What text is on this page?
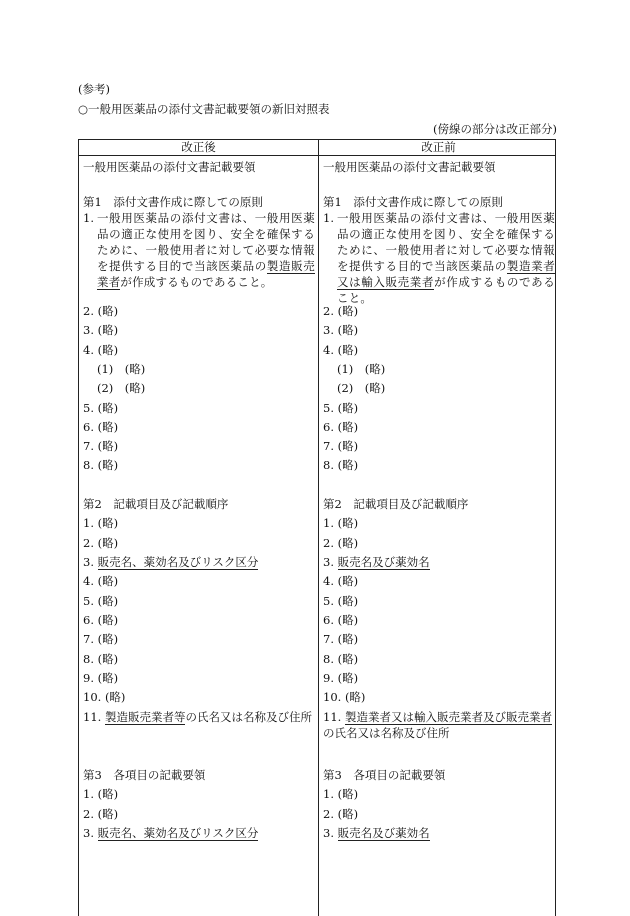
(参考)
○一般用医薬品の添付文書記載要領の新旧対照表
(傍線の部分は改正部分)
改正後	改正前
一般用医薬品の添付文書記載要領
第1　添付文書作成に際しての原則
1. 一般用医薬品の添付文書は、一般用医薬品の適正な使用を図り、安全を確保するために、一般使用者に対して必要な情報を提供する目的で当該医薬品の製造販売業者が作成するものであること。
2. (略)
3. (略)
4. (略)
(1)　(略)
(2)　(略)
5. (略)
6. (略)
7. (略)
8. (略)
第2　記載項目及び記載順序
1. (略)
2. (略)
3. 販売名、薬効名及びリスク区分
4. (略)
5. (略)
6. (略)
7. (略)
8. (略)
9. (略)
10. (略)
11. 製造販売業者等の氏名又は名称及び住所
第3　各項目の記載要領
1. (略)
2. (略)
3. 販売名、薬効名及びリスク区分
一般用医薬品の添付文書記載要領
第1　添付文書作成に際しての原則
1. 一般用医薬品の添付文書は、一般用医薬品の適正な使用を図り、安全を確保するために、一般使用者に対して必要な情報を提供する目的で当該医薬品の製造業者又は輸入販売業者が作成するものであること。
2. (略)
3. (略)
4. (略)
(1)　(略)
(2)　(略)
5. (略)
6. (略)
7. (略)
8. (略)
第2　記載項目及び記載順序
1. (略)
2. (略)
3. 販売名及び薬効名
4. (略)
5. (略)
6. (略)
7. (略)
8. (略)
9. (略)
10. (略)
11. 製造業者又は輸入販売業者及び販売業者の氏名又は名称及び住所
第3　各項目の記載要領
1. (略)
2. (略)
3. 販売名及び薬効名
